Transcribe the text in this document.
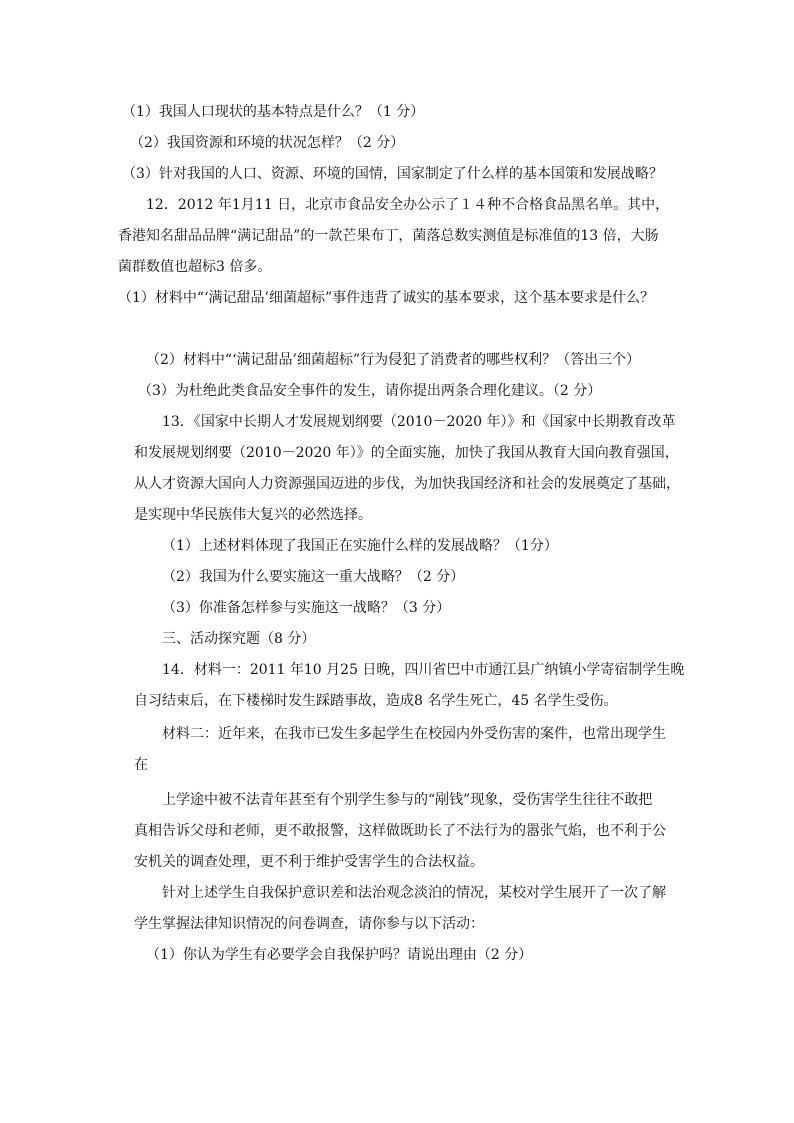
（1）我国人口现状的基本特点是什么？（1 分）
（2）我国资源和环境的状况怎样？（2 分）
（3）针对我国的人口、资源、环境的国情，国家制定了什么样的基本国策和发展战略？
12．2012 年1月11 日，北京市食品安全办公示了１４种不合格食品黑名单。其中，
香港知名甜品品牌“满记甜品”的一款芒果布丁，菌落总数实测值是标准值的13 倍，大肠
菌群数值也超标3 倍多。
（1）材料中“‘满记甜品’细菌超标”事件违背了诚实的基本要求，这个基本要求是什么？
（2）材料中“‘满记甜品’细菌超标”行为侵犯了消费者的哪些权利？（答出三个）
（3）为杜绝此类食品安全事件的发生，请你提出两条合理化建议。（2 分）
13．《国家中长期人才发展规划纲要（2010－2020 年）》和《国家中长期教育改革
和发展规划纲要（2010－2020 年）》的全面实施，加快了我国从教育大国向教育强国，
从人才资源大国向人力资源强国迈进的步伐，为加快我国经济和社会的发展奠定了基础，
是实现中华民族伟大复兴的必然选择。
（1）上述材料体现了我国正在实施什么样的发展战略？（1分）
（2）我国为什么要实施这一重大战略？（2 分）
（3）你准备怎样参与实施这一战略？（3 分）
三、活动探究题（8 分）
14．材料一：2011 年10 月25 日晚，四川省巴中市通江县广纳镇小学寄宿制学生晚
自习结束后，在下楼梯时发生踩踏事故，造成8 名学生死亡，45 名学生受伤。
材料二：近年来，在我市已发生多起学生在校园内外受伤害的案件，也常出现学生
在
上学途中被不法青年甚至有个别学生参与的“剐钱”现象，受伤害学生往往不敢把
真相告诉父母和老师，更不敢报警，这样做既助长了不法行为的嚣张气焰，也不利于公
安机关的调查处理，更不利于维护受害学生的合法权益。
针对上述学生自我保护意识差和法治观念淡泊的情况，某校对学生展开了一次了解
学生掌握法律知识情况的问卷调查，请你参与以下活动：
（1）你认为学生有必要学会自我保护吗？请说出理由（2 分）
